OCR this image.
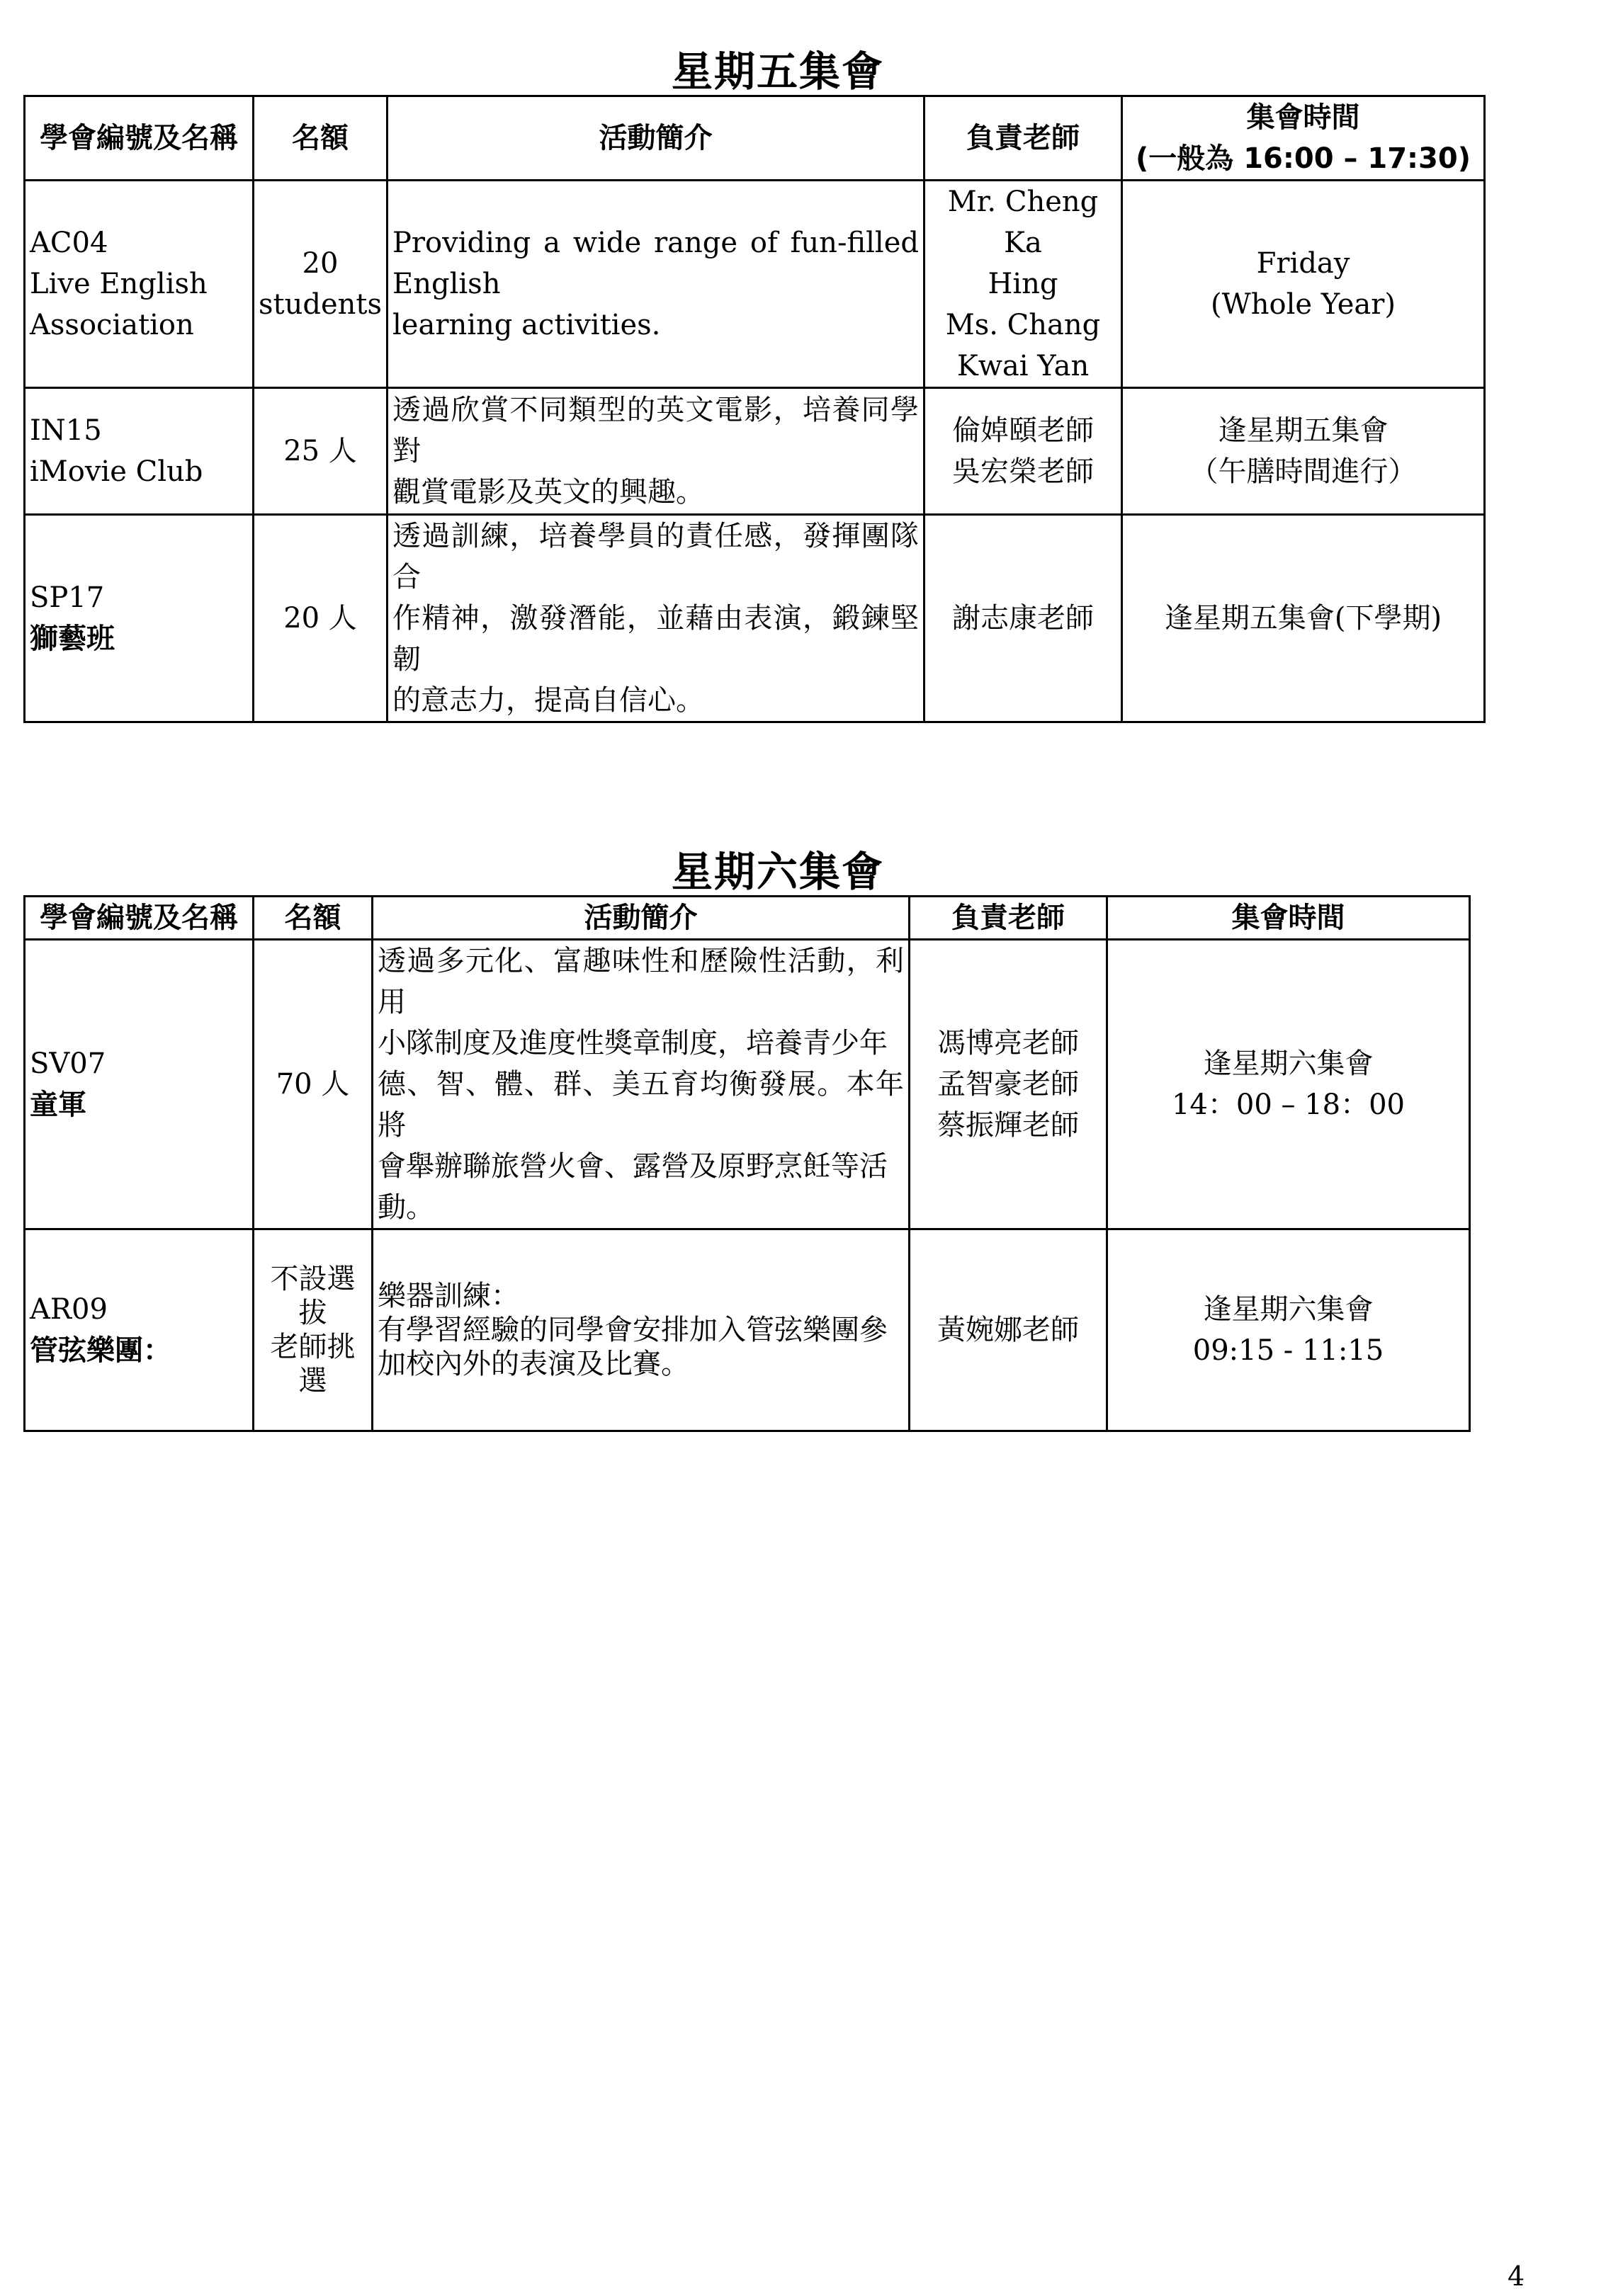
星期五集會
學會編號及名稱	名額	活動簡介	負責老師	集會時間
(一般為 16:00 – 17:30)

AC04
Live English
Association	20
students	Providing a wide range of fun-filled English
learning activities.	Mr. Cheng Ka
Hing
Ms. Chang
Kwai Yan	Friday
(Whole Year)

IN15
iMovie Club	25 人	透過欣賞不同類型的英文電影，培養同學對
觀賞電影及英文的興趣。	倫婥頤老師
吳宏榮老師	逢星期五集會
（午膳時間進行）

SP17
獅藝班	20 人	透過訓練，培養學員的責任感，發揮團隊合
作精神，激發潛能，並藉由表演，鍛鍊堅韌
的意志力，提高自信心。	謝志康老師	逢星期五集會(下學期)
星期六集會
學會編號及名稱	名額	活動簡介	負責老師	集會時間

SV07
童軍	70 人	透過多元化、富趣味性和歷險性活動，利用
小隊制度及進度性獎章制度，培養青少年
德、智、體、群、美五育均衡發展。本年將
會舉辦聯旅營火會、露營及原野烹飪等活
動。	馮博亮老師
孟智豪老師
蔡振輝老師	逢星期六集會
14：00 – 18：00

AR09
管弦樂團：	不設選拔
老師挑選	樂器訓練：
有學習經驗的同學會安排加入管弦樂團參
加校內外的表演及比賽。	黃婉娜老師	逢星期六集會
09:15 - 11:15
4
